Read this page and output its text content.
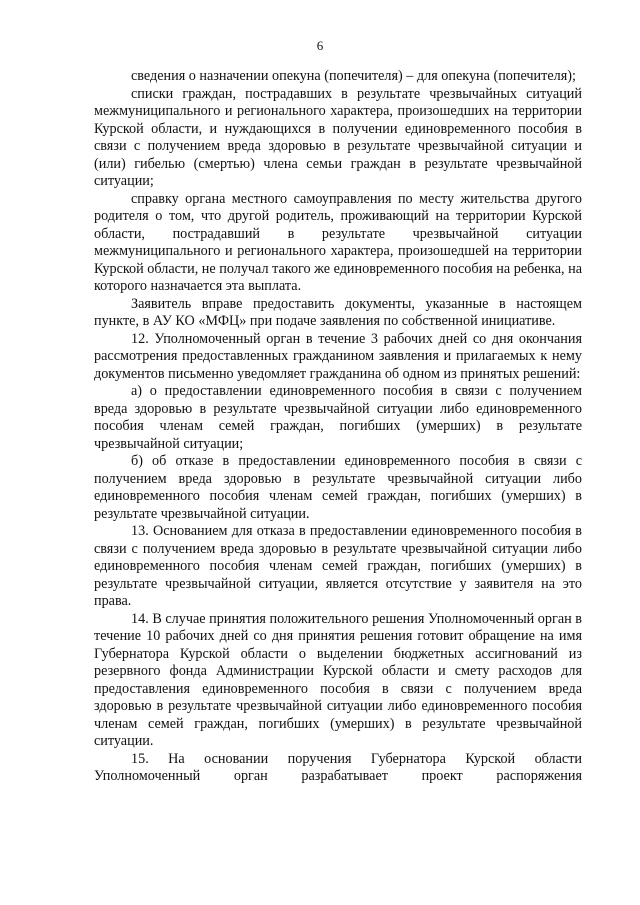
6

сведения о назначении опекуна (попечителя) – для опекуна (попечителя);

списки граждан, пострадавших в результате чрезвычайных ситуаций межмуниципального и регионального характера, произошедших на территории Курской области, и нуждающихся в получении единовременного пособия в связи с получением вреда здоровью в результате чрезвычайной ситуации и (или) гибелью (смертью) члена семьи граждан в результате чрезвычайной ситуации;

справку органа местного самоуправления по месту жительства другого родителя о том, что другой родитель, проживающий на территории Курской области, пострадавший в результате чрезвычайной ситуации межмуниципального и регионального характера, произошедшей на территории Курской области, не получал такого же единовременного пособия на ребенка, на которого назначается эта выплата.

Заявитель вправе предоставить документы, указанные в настоящем пункте, в АУ КО «МФЦ» при подаче заявления по собственной инициативе.

12. Уполномоченный орган в течение 3 рабочих дней со дня окончания рассмотрения предоставленных гражданином заявления и прилагаемых к нему документов письменно уведомляет гражданина об одном из принятых решений:

а) о предоставлении единовременного пособия в связи с получением вреда здоровью в результате чрезвычайной ситуации либо единовременного пособия членам семей граждан, погибших (умерших) в результате чрезвычайной ситуации;

б) об отказе в предоставлении единовременного пособия в связи с получением вреда здоровью в результате чрезвычайной ситуации либо единовременного пособия членам семей граждан, погибших (умерших) в результате чрезвычайной ситуации.

13. Основанием для отказа в предоставлении единовременного пособия в связи с получением вреда здоровью в результате чрезвычайной ситуации либо единовременного пособия членам семей граждан, погибших (умерших) в результате чрезвычайной ситуации, является отсутствие у заявителя на это права.

14. В случае принятия положительного решения Уполномоченный орган в течение 10 рабочих дней со дня принятия решения готовит обращение на имя Губернатора Курской области о выделении бюджетных ассигнований из резервного фонда Администрации Курской области и смету расходов для предоставления единовременного пособия в связи с получением вреда здоровью в результате чрезвычайной ситуации либо единовременного пособия членам семей граждан, погибших (умерших) в результате чрезвычайной ситуации.

15. На основании поручения Губернатора Курской области Уполномоченный орган разрабатывает проект распоряжения
